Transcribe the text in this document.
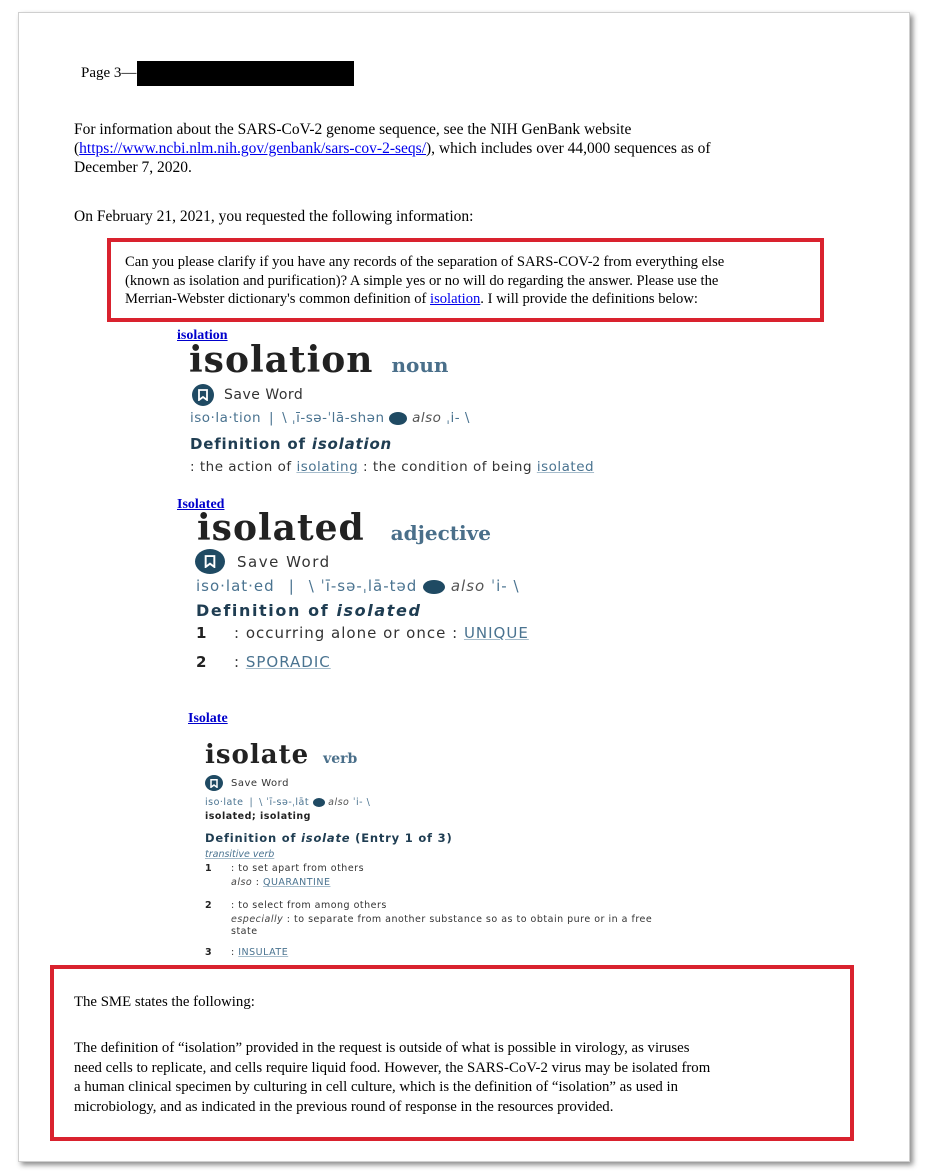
Page 3—
For information about the SARS-CoV-2 genome sequence, see the NIH GenBank website
(https://www.ncbi.nlm.nih.gov/genbank/sars-cov-2-seqs/), which includes over 44,000 sequences as of
December 7, 2020.
On February 21, 2021, you requested the following information:
Can you please clarify if you have any records of the separation of SARS-COV-2 from everything else
(known as isolation and purification)? A simple yes or no will do regarding the answer. Please use the
Merrian-Webster dictionary's common definition of isolation. I will provide the definitions below:
isolation
isolation noun
Save Word
iso·la·tion | \ ˌī-sə-ˈlā-shən also ˌi- \
Definition of isolation
: the action of isolating : the condition of being isolated
Isolated
isolated adjective
Save Word
iso·lat·ed | \ ˈī-sə-ˌlā-təd also ˈi- \
Definition of isolated
1 : occurring alone or once : UNIQUE
2 : SPORADIC
Isolate
isolate verb
Save Word
iso·late | \ ˈī-sə-ˌlāt also ˈi- \
isolated; isolating
Definition of isolate (Entry 1 of 3)
transitive verb
1 : to set apart from others
also : QUARANTINE
2 : to select from among others
especially : to separate from another substance so as to obtain pure or in a free
state
3 : INSULATE
The SME states the following:
The definition of “isolation” provided in the request is outside of what is possible in virology, as viruses
need cells to replicate, and cells require liquid food. However, the SARS-CoV-2 virus may be isolated from
a human clinical specimen by culturing in cell culture, which is the definition of “isolation” as used in
microbiology, and as indicated in the previous round of response in the resources provided.
